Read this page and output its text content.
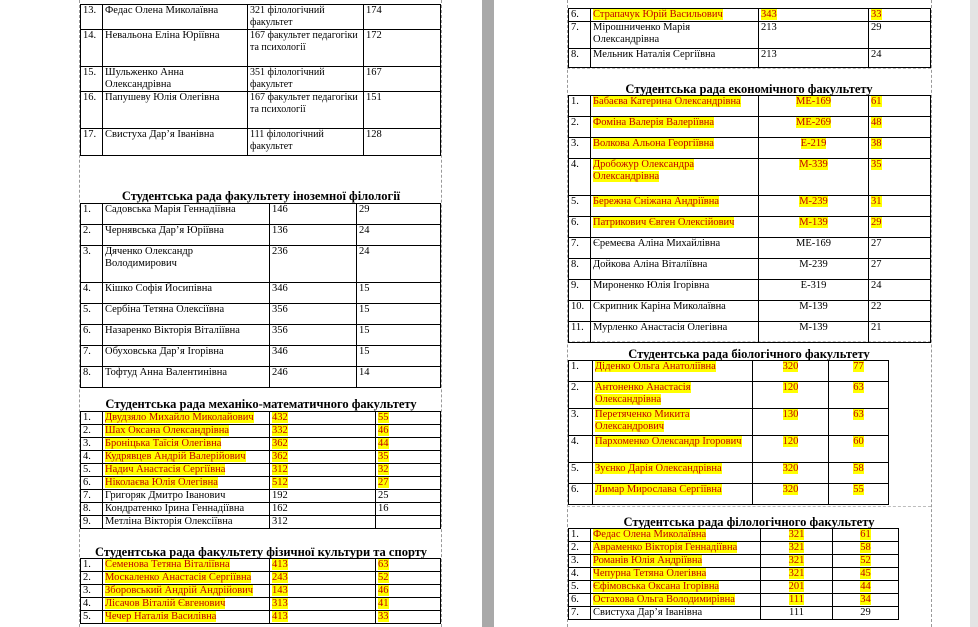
13.	Федас Олена Миколаївна	321 філологічний факультет	174
14.	Невальона Еліна Юріївна	167 факультет педагогіки та психології	172
15.	Шульженко Анна Олександрівна	351 філологічний факультет	167
16.	Папушеву Юлія Олегівна	167 факультет педагогіки та психології	151
17.	Свистуха Дар’я Іванівна	111 філологічний факультет	128
Студентська рада факультету іноземної філології
1.	Садовська Марія Геннадіївна	146	29
2.	Чернявська Дар’я Юріївна	136	24
3.	Дяченко Олександр Володимирович	236	24
4.	Кішко Софія Йосипівна	346	15
5.	Сербіна Тетяна Олексіївна	356	15
6.	Назаренко Вікторія Віталіївна	356	15
7.	Обуховська Дар’я Ігорівна	346	15
8.	Тофтуд Анна Валентинівна	246	14
Студентська рада механіко-математичного факультету
1.	Двудзяло Михайло Миколайович	432	55
2.	Шах Оксана Олександрівна	332	46
3.	Броніцька Таїсія Олегівна	362	44
4.	Кудрявцев Андрій Валерійович	362	35
5.	Надич Анастасія Сергіївна	312	32
6.	Ніколаєва Юлія Олегівна	512	27
7.	Григоряк Дмитро Іванович	192	25
8.	Кондратенко Ірина Геннадіївна	162	16
9.	Метліна Вікторія Олексіївна	312	
Студентська рада факультету фізичної культури та спорту
1.	Семенова Тетяна Віталіївна	413	63
2.	Москаленко Анастасія Сергіївна	243	52
3.	Зборовський Андрій Андрійович	143	46
4.	Лісачов Віталій Євгенович	313	41
5.	Чечер Наталія Василівна	413	33
6.	Страпачук Юрій Васильович	343	33
7.	Мірошниченко Марія Олександрівна	213	29
8.	Мельник Наталія Сергіївна	213	24
Студентська рада економічного факультету
1.	Бабаєва Катерина Олександрівна	МЕ-169	61
2.	Фоміна Валерія Валеріївна	МЕ-269	48
3.	Волкова Альона Георгіївна	Е-219	38
4.	Дробожур Олександра Олександрівна	М-339	35
5.	Бережна Сніжана Андріївна	М-239	31
6.	Патрикович Євген Олексійович	М-139	29
7.	Єремеєва Аліна Михайлівна	МЕ-169	27
8.	Дойкова Аліна Віталіївна	М-239	27
9.	Мироненко Юлія Ігорівна	Е-319	24
10.	Скрипник Каріна Миколаївна	М-139	22
11.	Мурленко Анастасія Олегівна	М-139	21
Студентська рада біологічного факультету
1.	Діденко Ольга Анатоліївна	320	77
2.	Антоненко Анастасія Олександрівна	120	63
3.	Перетяченко Микита Олександрович	130	63
4.	Пархоменко Олександр Ігорович	120	60
5.	Зуєнко Дарія Олександрівна	320	58
6.	Лимар Мирослава Сергіївна	320	55
Студентська рада філологічного факультету
1.	Федас Олена Миколаївна	321	61
2.	Авраменко Вікторія Геннадіївна	321	58
3.	Романів Юлія Андріївна	321	52
4.	Чепурна Тетяна Олегівна	321	45
5.	Єфімовська Оксана Ігорівна	201	44
6.	Остахова Ольга Володимирівна	111	34
7.	Свистуха Дар’я Іванівна	111	29
